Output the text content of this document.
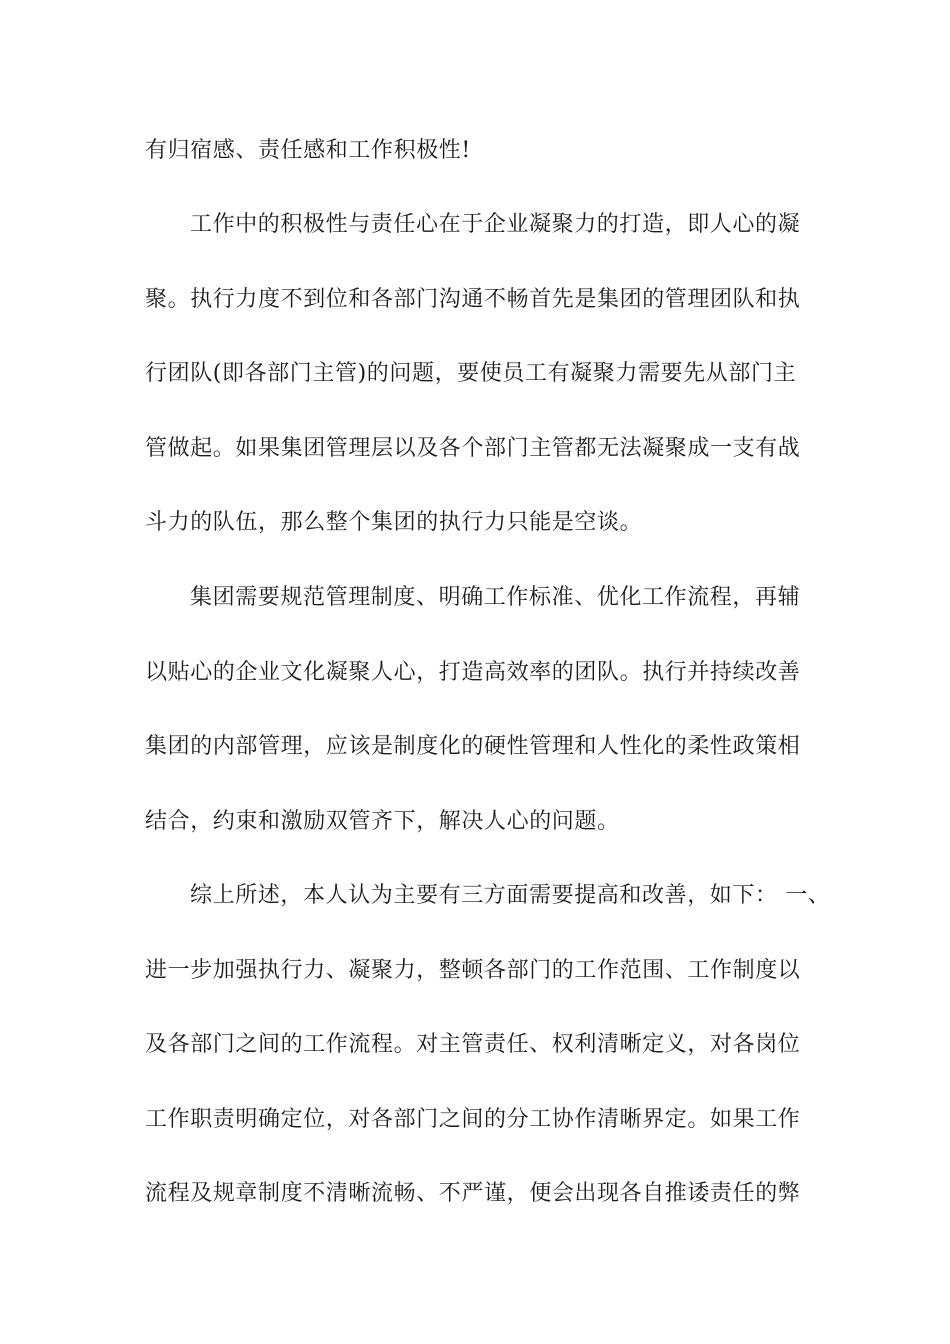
有归宿感、责任感和工作积极性!
工作中的积极性与责任心在于企业凝聚力的打造，即人心的凝
聚。执行力度不到位和各部门沟通不畅首先是集团的管理团队和执
行团队(即各部门主管)的问题，要使员工有凝聚力需要先从部门主
管做起。如果集团管理层以及各个部门主管都无法凝聚成一支有战
斗力的队伍，那么整个集团的执行力只能是空谈。
集团需要规范管理制度、明确工作标准、优化工作流程，再辅
以贴心的企业文化凝聚人心，打造高效率的团队。执行并持续改善
集团的内部管理，应该是制度化的硬性管理和人性化的柔性政策相
结合，约束和激励双管齐下，解决人心的问题。
综上所述，本人认为主要有三方面需要提高和改善，如下： 一、
进一步加强执行力、凝聚力，整顿各部门的工作范围、工作制度以
及各部门之间的工作流程。对主管责任、权利清晰定义，对各岗位
工作职责明确定位，对各部门之间的分工协作清晰界定。如果工作
流程及规章制度不清晰流畅、不严谨，便会出现各自推诿责任的弊
